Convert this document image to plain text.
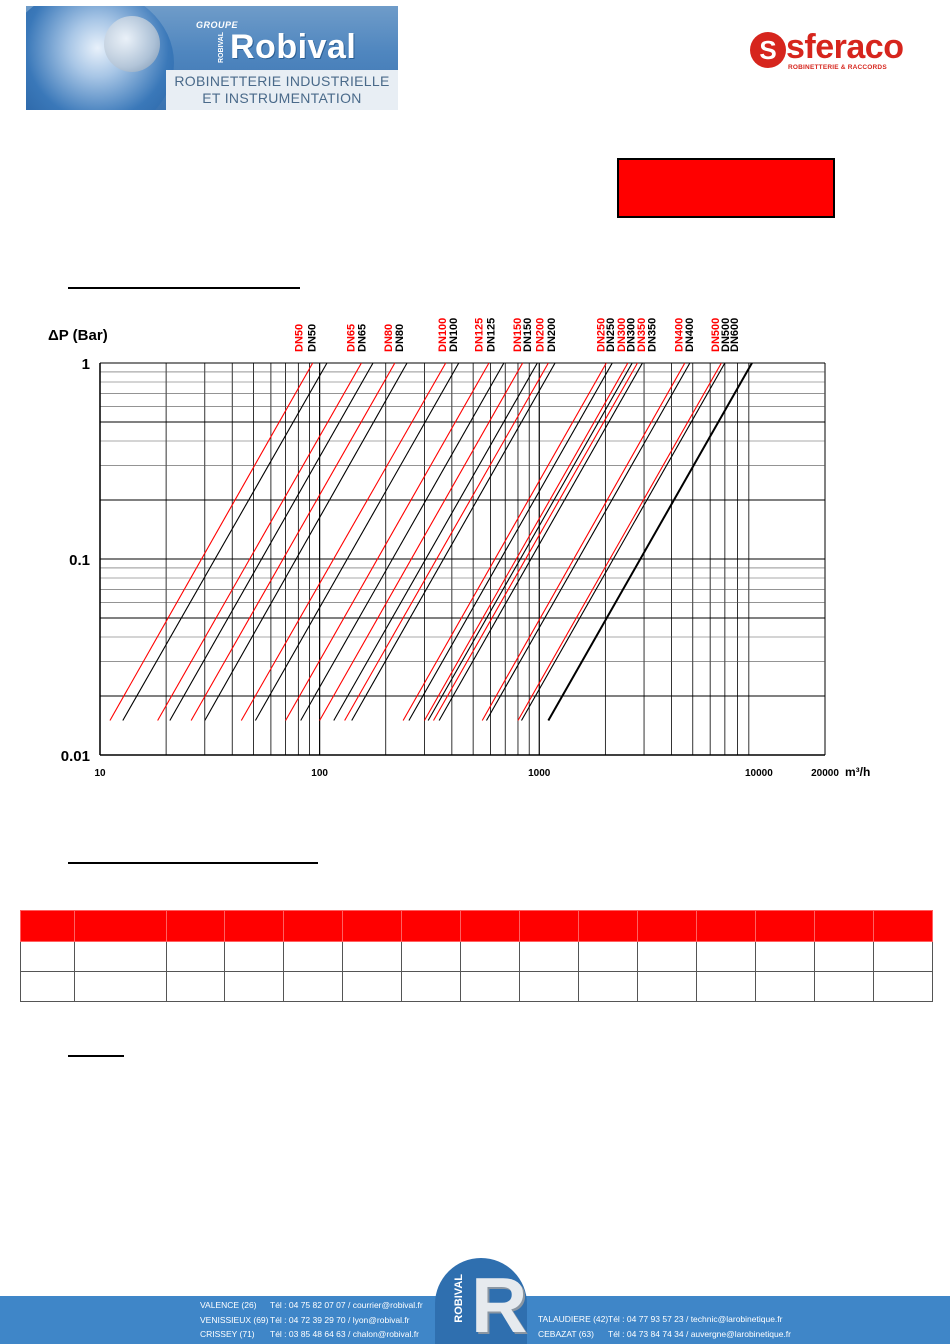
GROUPE
ROBIVAL Robival
ROBINETTERIE INDUSTRIELLE
ET INSTRUMENTATION
S sferaco
ROBINETTERIE & RACCORDS
1
0.1
0.01
10	100	1000	10000	20000 m³/h
ΔP (Bar)	DN50 DN50 DN65 DN65 DN80
DN80	DN100 DN100 DN125 DN125 DN150
DN150 DN200 DN200	DN250
DN250
DN300
DN300
DN350
DN350 DN400
DN400 DN500
DN500
DN600

VALENCE (26) Tél : 04 75 82 07 07 / courrier@robival.fr
VENISSIEUX (69) Tél : 04 72 39 29 70 / lyon@robival.fr
CRISSEY (71) Tél : 03 85 48 64 63 / chalon@robival.fr
TALAUDIERE (42)Tél : 04 77 93 57 23 / technic@larobinetique.fr
CEBAZAT (63) Tél : 04 73 84 74 34 / auvergne@larobinetique.fr
ROBIVAL R
